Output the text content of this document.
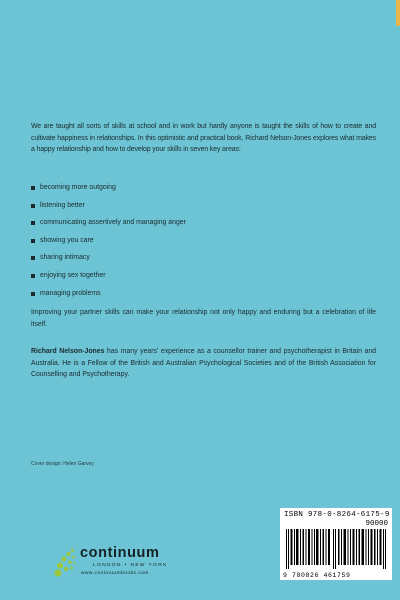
We are taught all sorts of skills at school and in work but hardly anyone is taught the skills of how to create and cultivate happiness in relationships. In this optimistic and practical book, Richard Nelson-Jones explores what makes a happy relationship and how to develop your skills in seven key areas:

becoming more outgoing
listening better
communicating assertively and managing anger
showing you care
sharing intimacy
enjoying sex together
managing problems

Improving your partner skills can make your relationship not only happy and enduring but a celebration of life itself.

Richard Nelson-Jones has many years' experience as a counsellor trainer and psychotherapist in Britain and Australia. He is a Fellow of the British and Australian Psychological Societies and of the British Association for Counselling and Psychotherapy.

Cover design: Helen Garvey
ISBN 978-0-8264-6175-9
90000
9 780826 461759
continuum
LONDON • NEW YORK
www.continuumbooks.com
